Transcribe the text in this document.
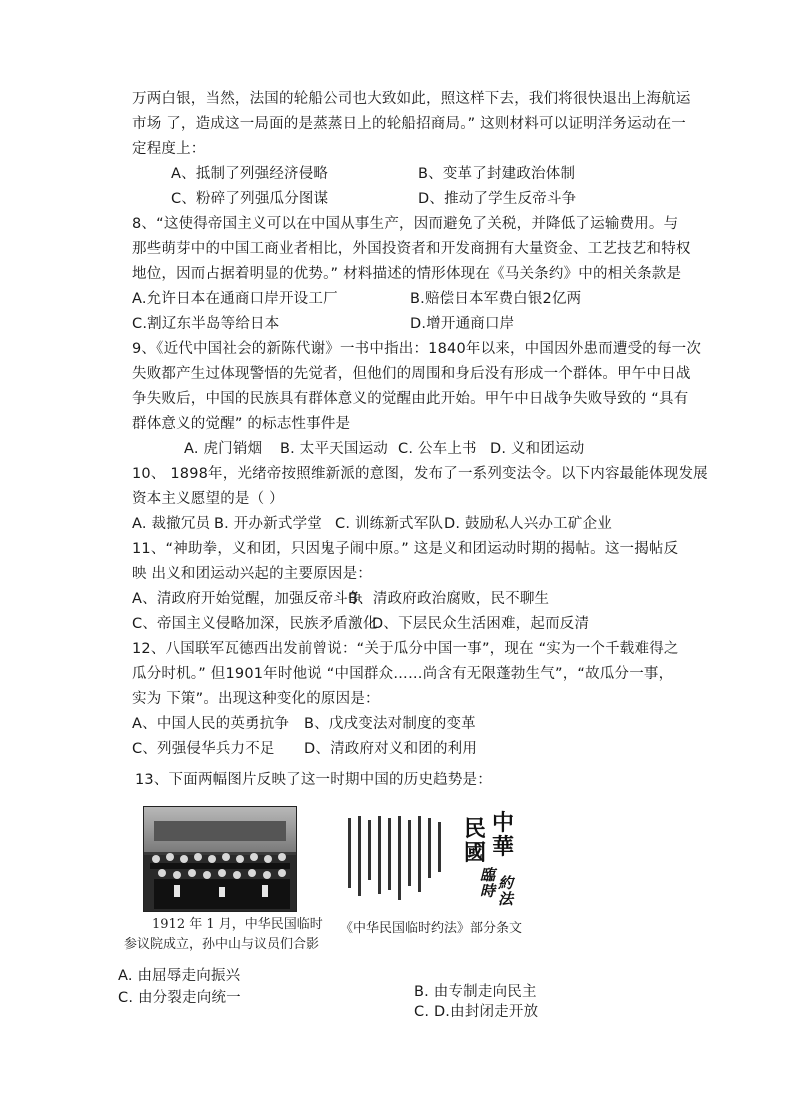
万两白银，当然，法国的轮船公司也大致如此，照这样下去，我们将很快退出上海航运
市场 了，造成这一局面的是蒸蒸日上的轮船招商局。” 这则材料可以证明洋务运动在一
定程度上：
A、抵制了列强经济侵略	B、变革了封建政治体制
C、粉碎了列强瓜分图谋	D、推动了学生反帝斗争
8、“这使得帝国主义可以在中国从事生产，因而避免了关税，并降低了运输费用。与
那些萌芽中的中国工商业者相比，外国投资者和开发商拥有大量资金、工艺技艺和特权
地位，因而占据着明显的优势。” 材料描述的情形体现在《马关条约》中的相关条款是
A.允许日本在通商口岸开设工厂	B.赔偿日本军费白银2亿两
C.割辽东半岛等给日本	D.增开通商口岸
9、《近代中国社会的新陈代谢》一书中指出：1840年以来，中国因外患而遭受的每一次
失败都产生过体现警悟的先觉者，但他们的周围和身后没有形成一个群体。甲午中日战
争失败后，中国的民族具有群体意义的觉醒由此开始。甲午中日战争失败导致的 “具有
群体意义的觉醒” 的标志性事件是
A. 虎门销烟 B. 太平天国运动 C. 公车上书 D. 义和团运动
10、 1898年，光绪帝按照维新派的意图，发布了一系列变法令。以下内容最能体现发展
资本主义愿望的是（ ）
A. 裁撤冗员 B. 开办新式学堂 C. 训练新式军队 D. 鼓励私人兴办工矿企业
11、“神助拳，义和团，只因鬼子闹中原。” 这是义和团运动时期的揭帖。这一揭帖反
映 出义和团运动兴起的主要原因是：
A、清政府开始觉醒，加强反帝斗争
B、清政府政治腐败，民不聊生
C、帝国主义侵略加深，民族矛盾激化
D、下层民众生活困难，起而反清
12、八国联军瓦德西出发前曾说：“关于瓜分中国一事”，现在 “实为一个千载难得之
瓜分时机。” 但1901年时他说 “中国群众……尚含有无限蓬勃生气”，“故瓜分一事，
实为 下策”。出现这种变化的原因是：
A、中国人民的英勇抗争 B、戊戌变法对制度的变革
C、列强侵华兵力不足 D、清政府对义和团的利用
13、下面两幅图片反映了这一时期中国的历史趋势是：
1912 年 1 月，中华民国临时
参议院成立，孙中山与议员们合影
中
華
民
國
臨
時 約
法
《中华民国临时约法》部分条文
A. 由屈辱走向振兴
C. 由分裂走向统一	B. 由专制走向民主
C. D.由封闭走开放
